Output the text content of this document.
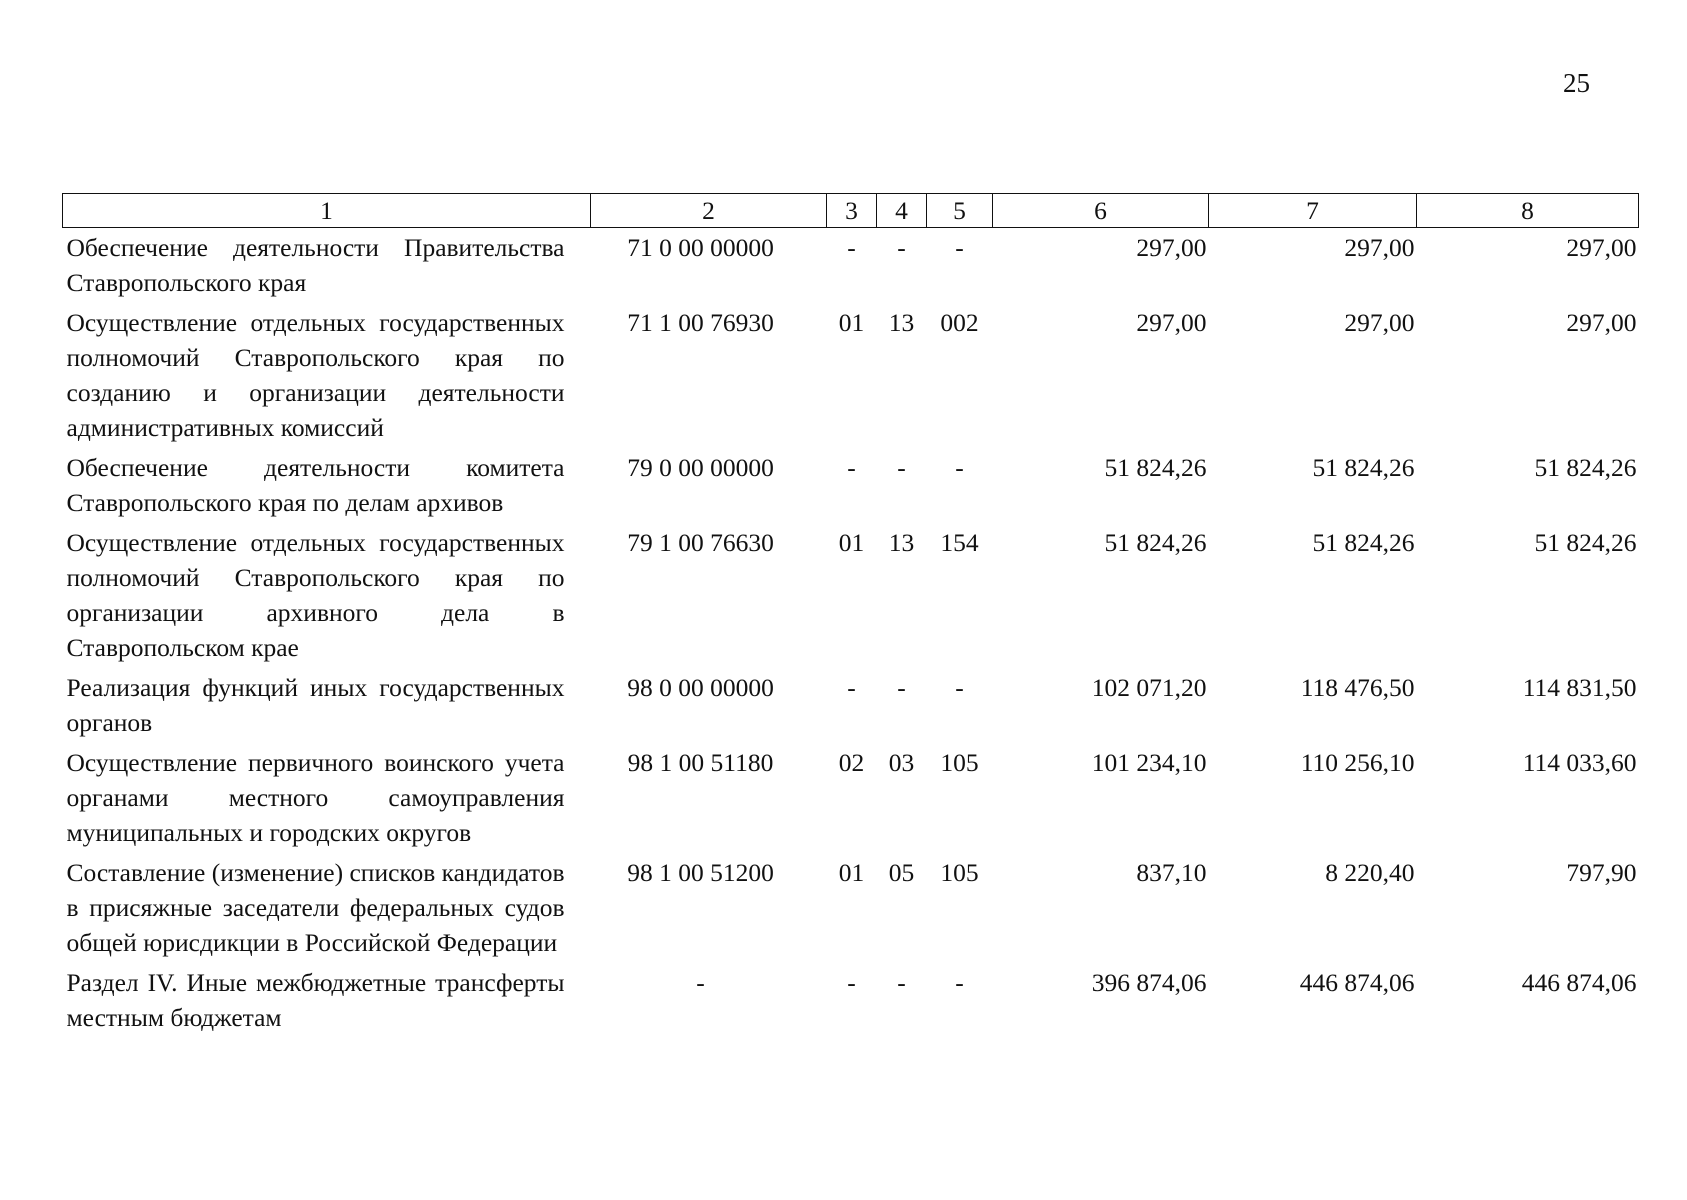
25
1	2	3	4	5	6	7	8
Обеспечение деятельности Правительства Ставропольского края	71 0 00 00000	-	-	-	297,00	297,00	297,00
Осуществление отдельных государственных полномочий Ставропольского края по созданию и организации деятельности административных комиссий	71 1 00 76930	01	13	002	297,00	297,00	297,00
Обеспечение деятельности комитета Ставропольского края по делам архивов	79 0 00 00000	-	-	-	51 824,26	51 824,26	51 824,26
Осуществление отдельных государственных полномочий Ставропольского края по организации архивного дела в Ставропольском крае	79 1 00 76630	01	13	154	51 824,26	51 824,26	51 824,26
Реализация функций иных государственных органов	98 0 00 00000	-	-	-	102 071,20	118 476,50	114 831,50
Осуществление первичного воинского учета органами местного самоуправления муниципальных и городских округов	98 1 00 51180	02	03	105	101 234,10	110 256,10	114 033,60
Составление (изменение) списков кандидатов в присяжные заседатели федеральных судов общей юрисдикции в Российской Федерации	98 1 00 51200	01	05	105	837,10	8 220,40	797,90
Раздел IV. Иные межбюджетные трансферты местным бюджетам	-	-	-	-	396 874,06	446 874,06	446 874,06
